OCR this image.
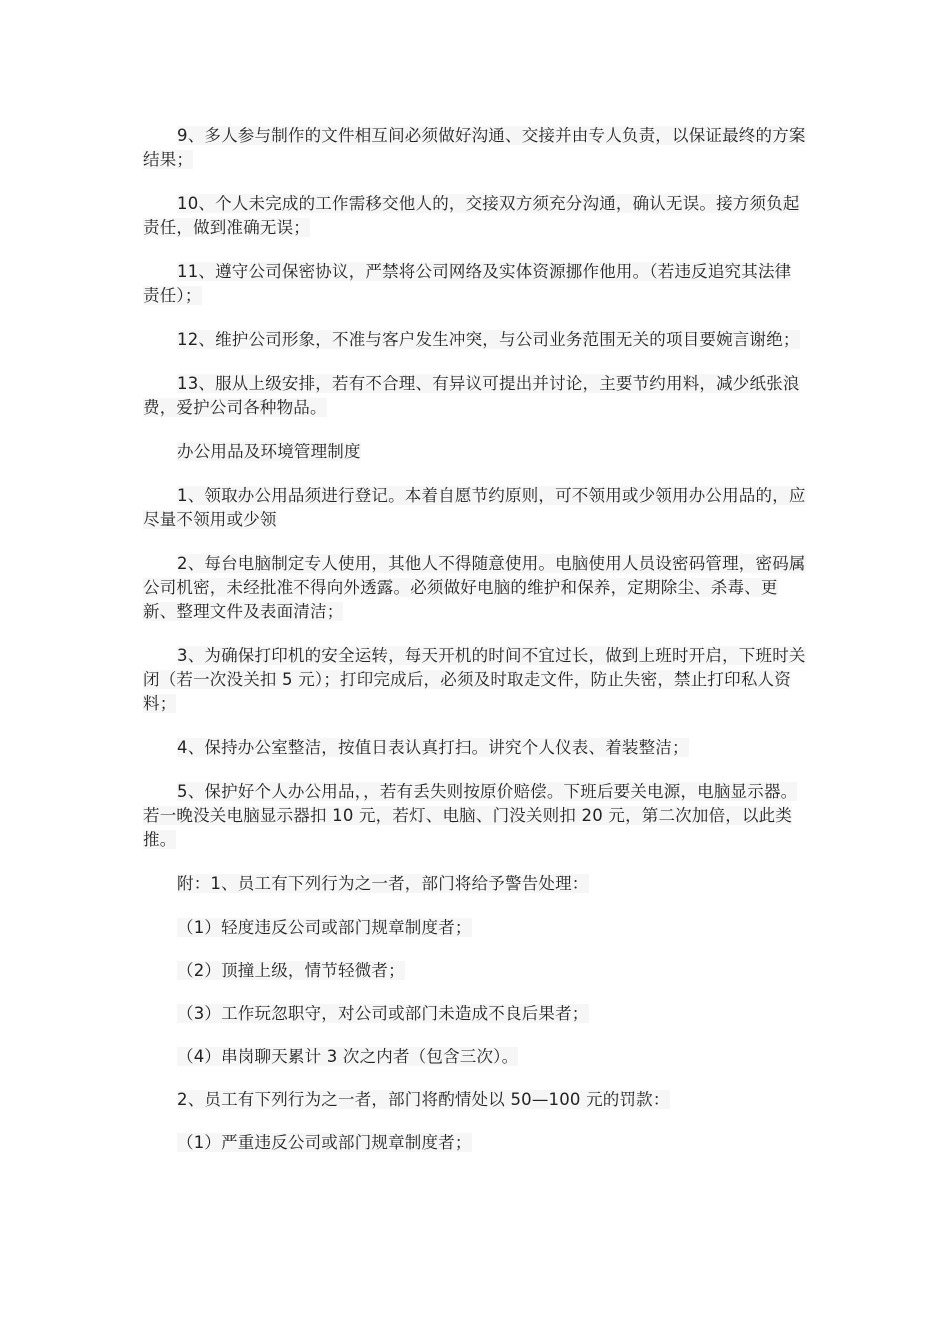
9、多人参与制作的文件相互间必须做好沟通、交接并由专人负责，以保证最终的方案结果；

10、个人未完成的工作需移交他人的，交接双方须充分沟通，确认无误。接方须负起责任，做到准确无误；

11、遵守公司保密协议，严禁将公司网络及实体资源挪作他用。（若违反追究其法律责任）；

12、维护公司形象，不准与客户发生冲突，与公司业务范围无关的项目要婉言谢绝；

13、服从上级安排，若有不合理、有异议可提出并讨论，主要节约用料，减少纸张浪费，爱护公司各种物品。

办公用品及环境管理制度

1、领取办公用品须进行登记。本着自愿节约原则，可不领用或少领用办公用品的，应尽量不领用或少领

2、每台电脑制定专人使用，其他人不得随意使用。电脑使用人员设密码管理，密码属公司机密，未经批准不得向外透露。必须做好电脑的维护和保养，定期除尘、杀毒、更新、整理文件及表面清洁；

3、为确保打印机的安全运转，每天开机的时间不宜过长，做到上班时开启，下班时关闭（若一次没关扣 5 元）；打印完成后，必须及时取走文件，防止失密，禁止打印私人资料；

4、保持办公室整洁，按值日表认真打扫。讲究个人仪表、着装整洁；

5、保护好个人办公用品，，若有丢失则按原价赔偿。下班后要关电源，电脑显示器。若一晚没关电脑显示器扣 10 元，若灯、电脑、门没关则扣 20 元，第二次加倍，以此类推。

附：1、员工有下列行为之一者，部门将给予警告处理：

（1）轻度违反公司或部门规章制度者；

（2）顶撞上级，情节轻微者；

（3）工作玩忽职守，对公司或部门未造成不良后果者；

（4）串岗聊天累计 3 次之内者（包含三次）。

2、员工有下列行为之一者，部门将酌情处以 50—100 元的罚款：

（1）严重违反公司或部门规章制度者；
